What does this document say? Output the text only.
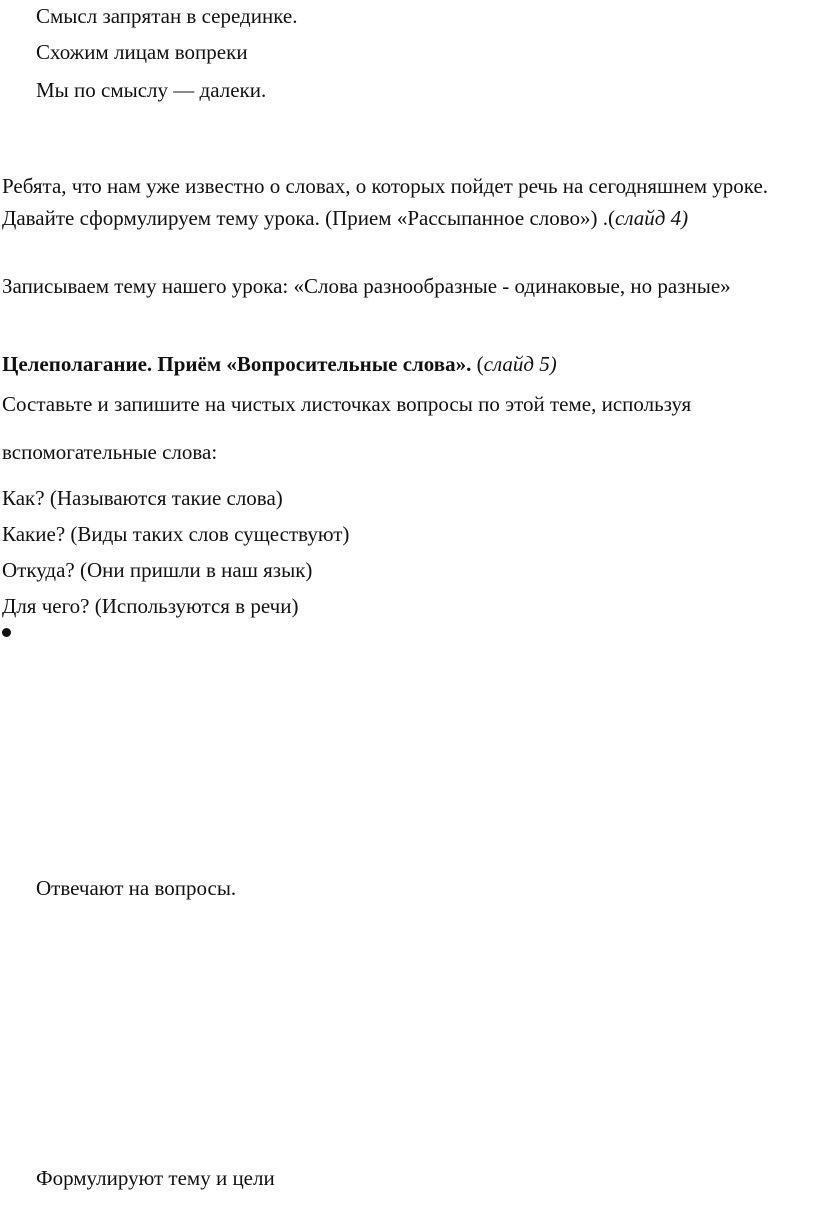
Смысл запрятан в серединке.
Схожим лицам вопреки
Мы по смыслу — далеки.
Ребята, что нам уже известно о словах, о которых пойдет речь на сегодняшнем уроке. Давайте сформулируем тему урока. (Прием «Рассыпанное слово») .(слайд 4)
Записываем тему нашего урока: «Слова разнообразные - одинаковые, но разные»
Целеполагание. Приём «Вопросительные слова». (слайд 5)
Составьте и запишите на чистых листочках вопросы по этой теме, используя
вспомогательные слова:
Как? (Называются такие слова)
Какие? (Виды таких слов существуют)
Откуда? (Они пришли в наш язык)
Для чего? (Используются в речи)
Отвечают на вопросы.
Формулируют тему и цели
